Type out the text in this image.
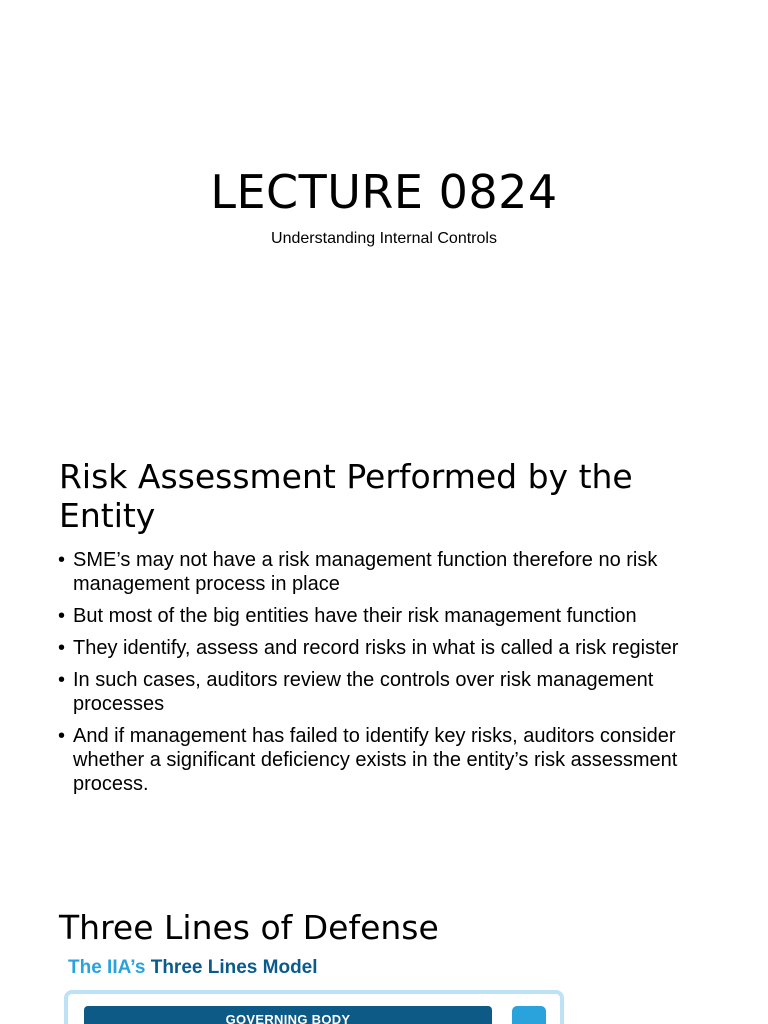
LECTURE 0824
Understanding Internal Controls
Risk Assessment Performed by the Entity
• SME’s may not have a risk management function therefore no risk management process in place
• But most of the big entities have their risk management function
• They identify, assess and record risks in what is called a risk register
• In such cases, auditors review the controls over risk management processes
• And if management has failed to identify key risks, auditors consider whether a significant deficiency exists in the entity’s risk assessment process.
Three Lines of Defense
The IIA’s Three Lines Model
GOVERNING BODY
